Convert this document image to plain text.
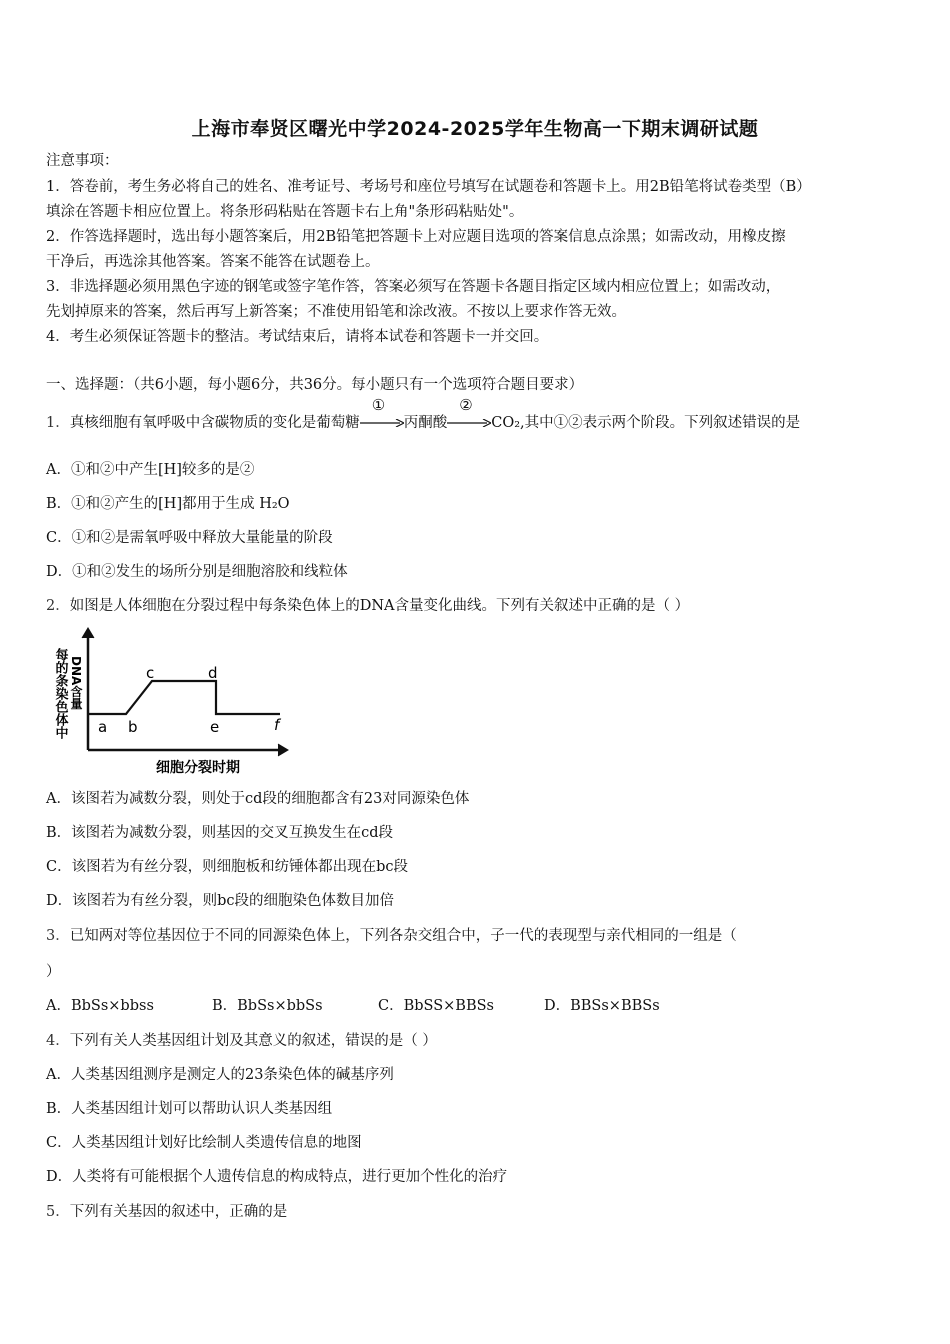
上海市奉贤区曙光中学2024-2025学年生物高一下期末调研试题
注意事项：
1．答卷前，考生务必将自己的姓名、准考证号、考场号和座位号填写在试题卷和答题卡上。用2B铅笔将试卷类型（B）
填涂在答题卡相应位置上。将条形码粘贴在答题卡右上角"条形码粘贴处"。
2．作答选择题时，选出每小题答案后，用2B铅笔把答题卡上对应题目选项的答案信息点涂黑；如需改动，用橡皮擦
干净后，再选涂其他答案。答案不能答在试题卷上。
3．非选择题必须用黑色字迹的钢笔或签字笔作答，答案必须写在答题卡各题目指定区域内相应位置上；如需改动，
先划掉原来的答案，然后再写上新答案；不准使用铅笔和涂改液。不按以上要求作答无效。
4．考生必须保证答题卡的整洁。考试结束后，请将本试卷和答题卡一并交回。
一、选择题：（共6小题，每小题6分，共36分。每小题只有一个选项符合题目要求）
1．真核细胞有氧呼吸中含碳物质的变化是葡萄糖
①
丙酮酸
②
CO₂,其中①②表示两个阶段。下列叙述错误的是
A．①和②中产生[H]较多的是②
B．①和②产生的[H]都用于生成 H₂O
C．①和②是需氧呼吸中释放大量能量的阶段
D．①和②发生的场所分别是细胞溶胶和线粒体
2．如图是人体细胞在分裂过程中每条染色体上的DNA含量变化曲线。下列有关叙述中正确的是（ ）
a b
c	d
e	f
每的条染色体中 DNA含量
细胞分裂时期
A．该图若为减数分裂，则处于cd段的细胞都含有23对同源染色体
B．该图若为减数分裂，则基因的交叉互换发生在cd段
C．该图若为有丝分裂，则细胞板和纺锤体都出现在bc段
D．该图若为有丝分裂，则bc段的细胞染色体数目加倍
3．已知两对等位基因位于不同的同源染色体上，下列各杂交组合中，子一代的表现型与亲代相同的一组是（
）
A．BbSs×bbss	B．BbSs×bbSs	C．BbSS×BBSs	D．BBSs×BBSs
4．下列有关人类基因组计划及其意义的叙述，错误的是（ ）
A．人类基因组测序是测定人的23条染色体的碱基序列
B．人类基因组计划可以帮助认识人类基因组
C．人类基因组计划好比绘制人类遗传信息的地图
D．人类将有可能根据个人遗传信息的构成特点，进行更加个性化的治疗
5．下列有关基因的叙述中，正确的是
